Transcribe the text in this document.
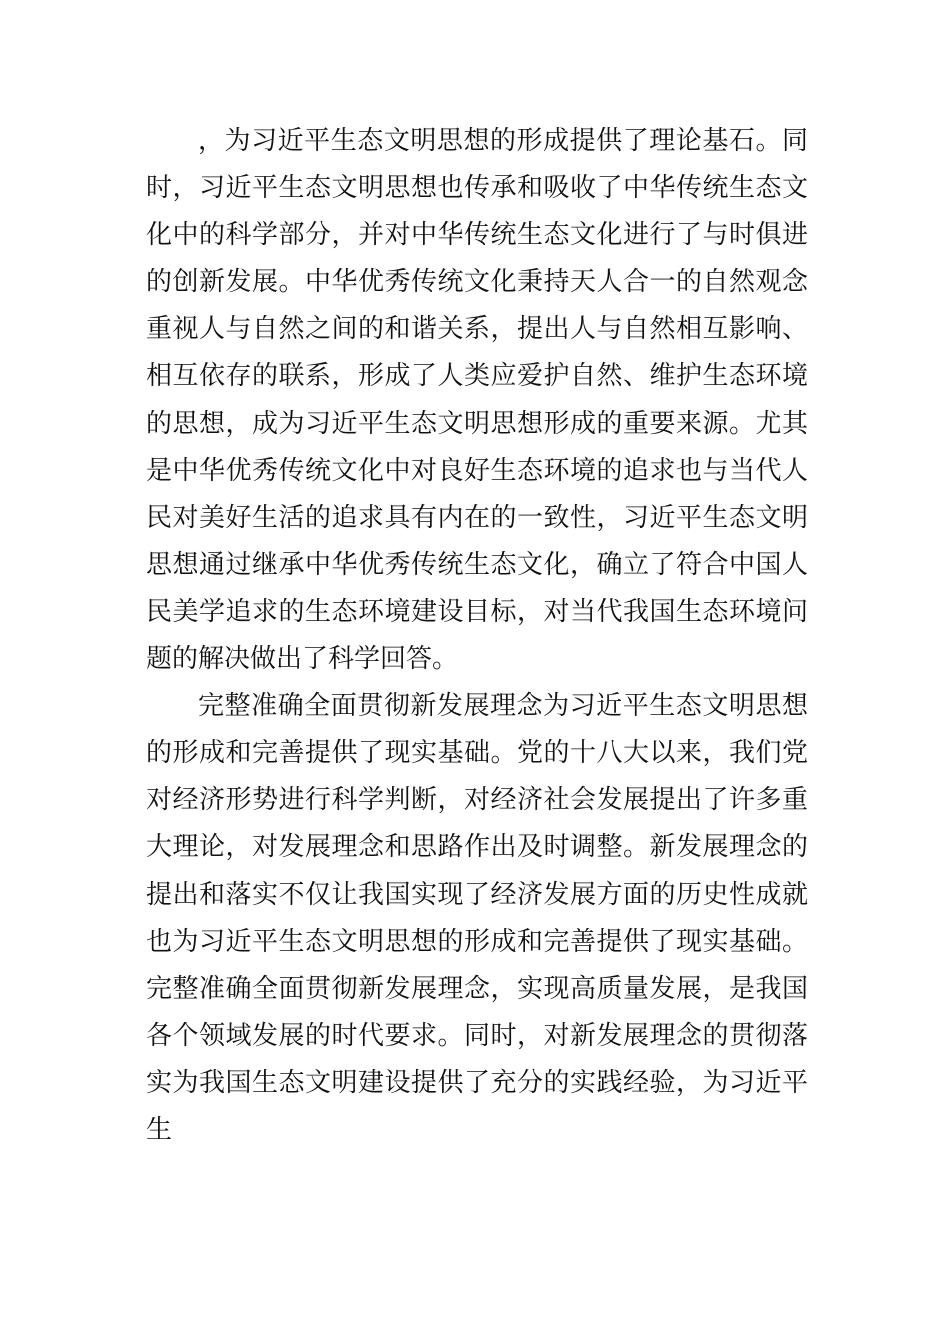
，为习近平生态文明思想的形成提供了理论基石。同
时，习近平生态文明思想也传承和吸收了中华传统生态文
化中的科学部分，并对中华传统生态文化进行了与时俱进
的创新发展。中华优秀传统文化秉持天人合一的自然观念
重视人与自然之间的和谐关系，提出人与自然相互影响、
相互依存的联系，形成了人类应爱护自然、维护生态环境
的思想，成为习近平生态文明思想形成的重要来源。尤其
是中华优秀传统文化中对良好生态环境的追求也与当代人
民对美好生活的追求具有内在的一致性，习近平生态文明
思想通过继承中华优秀传统生态文化，确立了符合中国人
民美学追求的生态环境建设目标，对当代我国生态环境问
题的解决做出了科学回答。
完整准确全面贯彻新发展理念为习近平生态文明思想
的形成和完善提供了现实基础。党的十八大以来，我们党
对经济形势进行科学判断，对经济社会发展提出了许多重
大理论，对发展理念和思路作出及时调整。新发展理念的
提出和落实不仅让我国实现了经济发展方面的历史性成就
也为习近平生态文明思想的形成和完善提供了现实基础。
完整准确全面贯彻新发展理念，实现高质量发展，是我国
各个领域发展的时代要求。同时，对新发展理念的贯彻落
实为我国生态文明建设提供了充分的实践经验，为习近平
生
